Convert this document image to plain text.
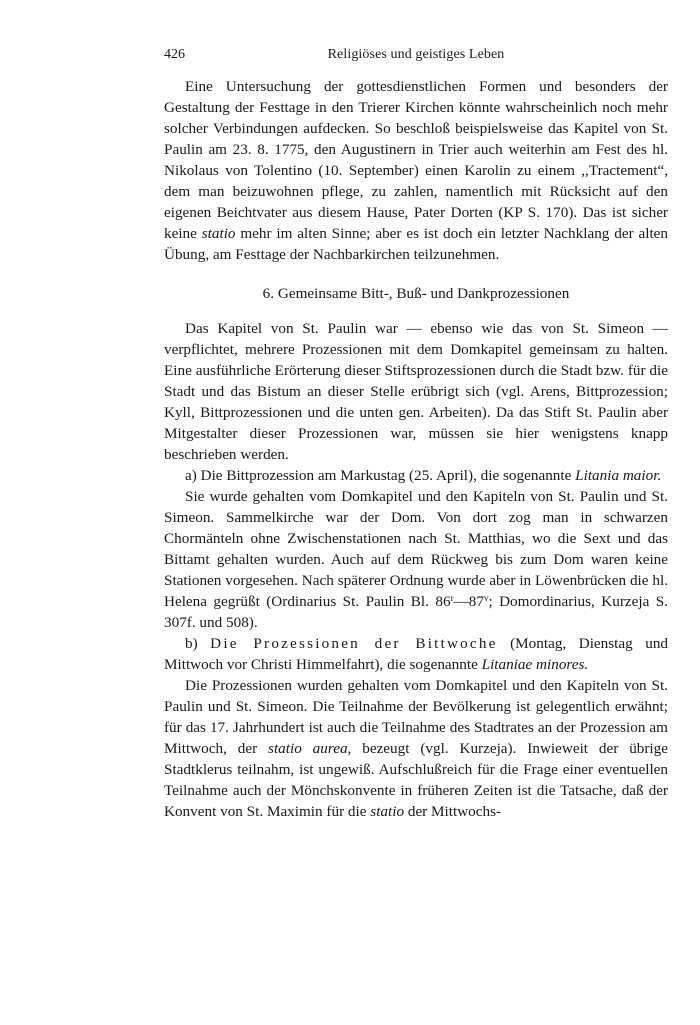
426	Religiöses und geistiges Leben

Eine Untersuchung der gottesdienstlichen Formen und besonders der Gestaltung der Festtage in den Trierer Kirchen könnte wahrscheinlich noch mehr solcher Verbindungen aufdecken. So beschloß beispielsweise das Kapitel von St. Paulin am 23. 8. 1775, den Augustinern in Trier auch weiterhin am Fest des hl. Nikolaus von Tolentino (10. September) einen Karolin zu einem ,,Tractement“, dem man beizuwohnen pflege, zu zahlen, namentlich mit Rücksicht auf den eigenen Beichtvater aus diesem Hause, Pater Dorten (KP S. 170). Das ist sicher keine statio mehr im alten Sinne; aber es ist doch ein letzter Nachklang der alten Übung, am Festtage der Nachbarkirchen teilzunehmen.

6. Gemeinsame Bitt-, Buß- und Dankprozessionen

Das Kapitel von St. Paulin war — ebenso wie das von St. Simeon — verpflichtet, mehrere Prozessionen mit dem Domkapitel gemeinsam zu halten. Eine ausführliche Erörterung dieser Stiftsprozessionen durch die Stadt bzw. für die Stadt und das Bistum an dieser Stelle erübrigt sich (vgl. Arens, Bittprozession; Kyll, Bittprozessionen und die unten gen. Arbeiten). Da das Stift St. Paulin aber Mitgestalter dieser Prozessionen war, müssen sie hier wenigstens knapp beschrieben werden.

a) Die Bittprozession am Markustag (25. April), die sogenannte Litania maior.

Sie wurde gehalten vom Domkapitel und den Kapiteln von St. Paulin und St. Simeon. Sammelkirche war der Dom. Von dort zog man in schwarzen Chormänteln ohne Zwischenstationen nach St. Matthias, wo die Sext und das Bittamt gehalten wurden. Auch auf dem Rückweg bis zum Dom waren keine Stationen vorgesehen. Nach späterer Ordnung wurde aber in Löwenbrücken die hl. Helena gegrüßt (Ordinarius St. Paulin Bl. 86$^r$—87$^v$; Domordinarius, Kurzeja S. 307f. und 508).

b) Die Prozessionen der Bittwoche (Montag, Dienstag und Mittwoch vor Christi Himmelfahrt), die sogenannte Litaniae minores.

Die Prozessionen wurden gehalten vom Domkapitel und den Kapiteln von St. Paulin und St. Simeon. Die Teilnahme der Bevölkerung ist gelegentlich erwähnt; für das 17. Jahrhundert ist auch die Teilnahme des Stadtrates an der Prozession am Mittwoch, der statio aurea, bezeugt (vgl. Kurzeja). Inwieweit der übrige Stadtklerus teilnahm, ist ungewiß. Aufschlußreich für die Frage einer eventuellen Teilnahme auch der Mönchskonvente in früheren Zeiten ist die Tatsache, daß der Konvent von St. Maximin für die statio der Mittwochs-
